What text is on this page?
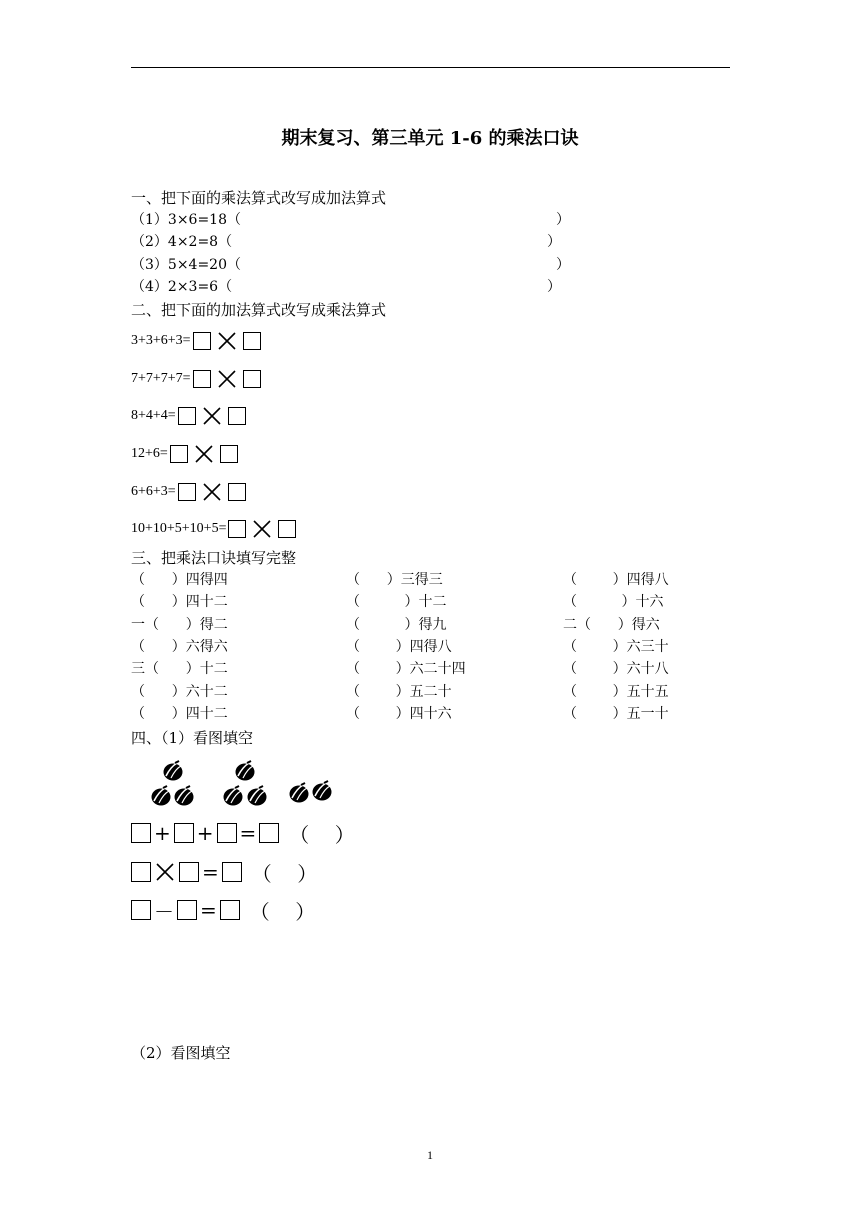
期末复习、第三单元 1-6 的乘法口诀
一、把下面的乘法算式改写成加法算式
（1）3×6=18（	）
（2）4×2=8（	）
（3）5×4=20（	）
（4）2×3=6（	）
二、把下面的加法算式改写成乘法算式
3+3+6+3=
7+7+7+7=
8+4+4=
12+6=
6+6+3=
10+10+5+10+5=
三、把乘法口诀填写完整
（      ）四得四	（      ）三得三	（        ）四得八
（      ）四十二	（          ）十二	（          ）十六
一（      ）得二	（          ）得九	二（      ）得六
（      ）六得六	（        ）四得八	（        ）六三十
三（      ）十二	（        ）六二十四	（        ）六十八
（      ）六十二	（        ）五二十	（        ）五十五
（      ）四十二	（        ）四十六	（        ）五一十
四、（1）看图填空
+ + = （    ）
= （    ）
－ = （    ）
（2）看图填空
1
